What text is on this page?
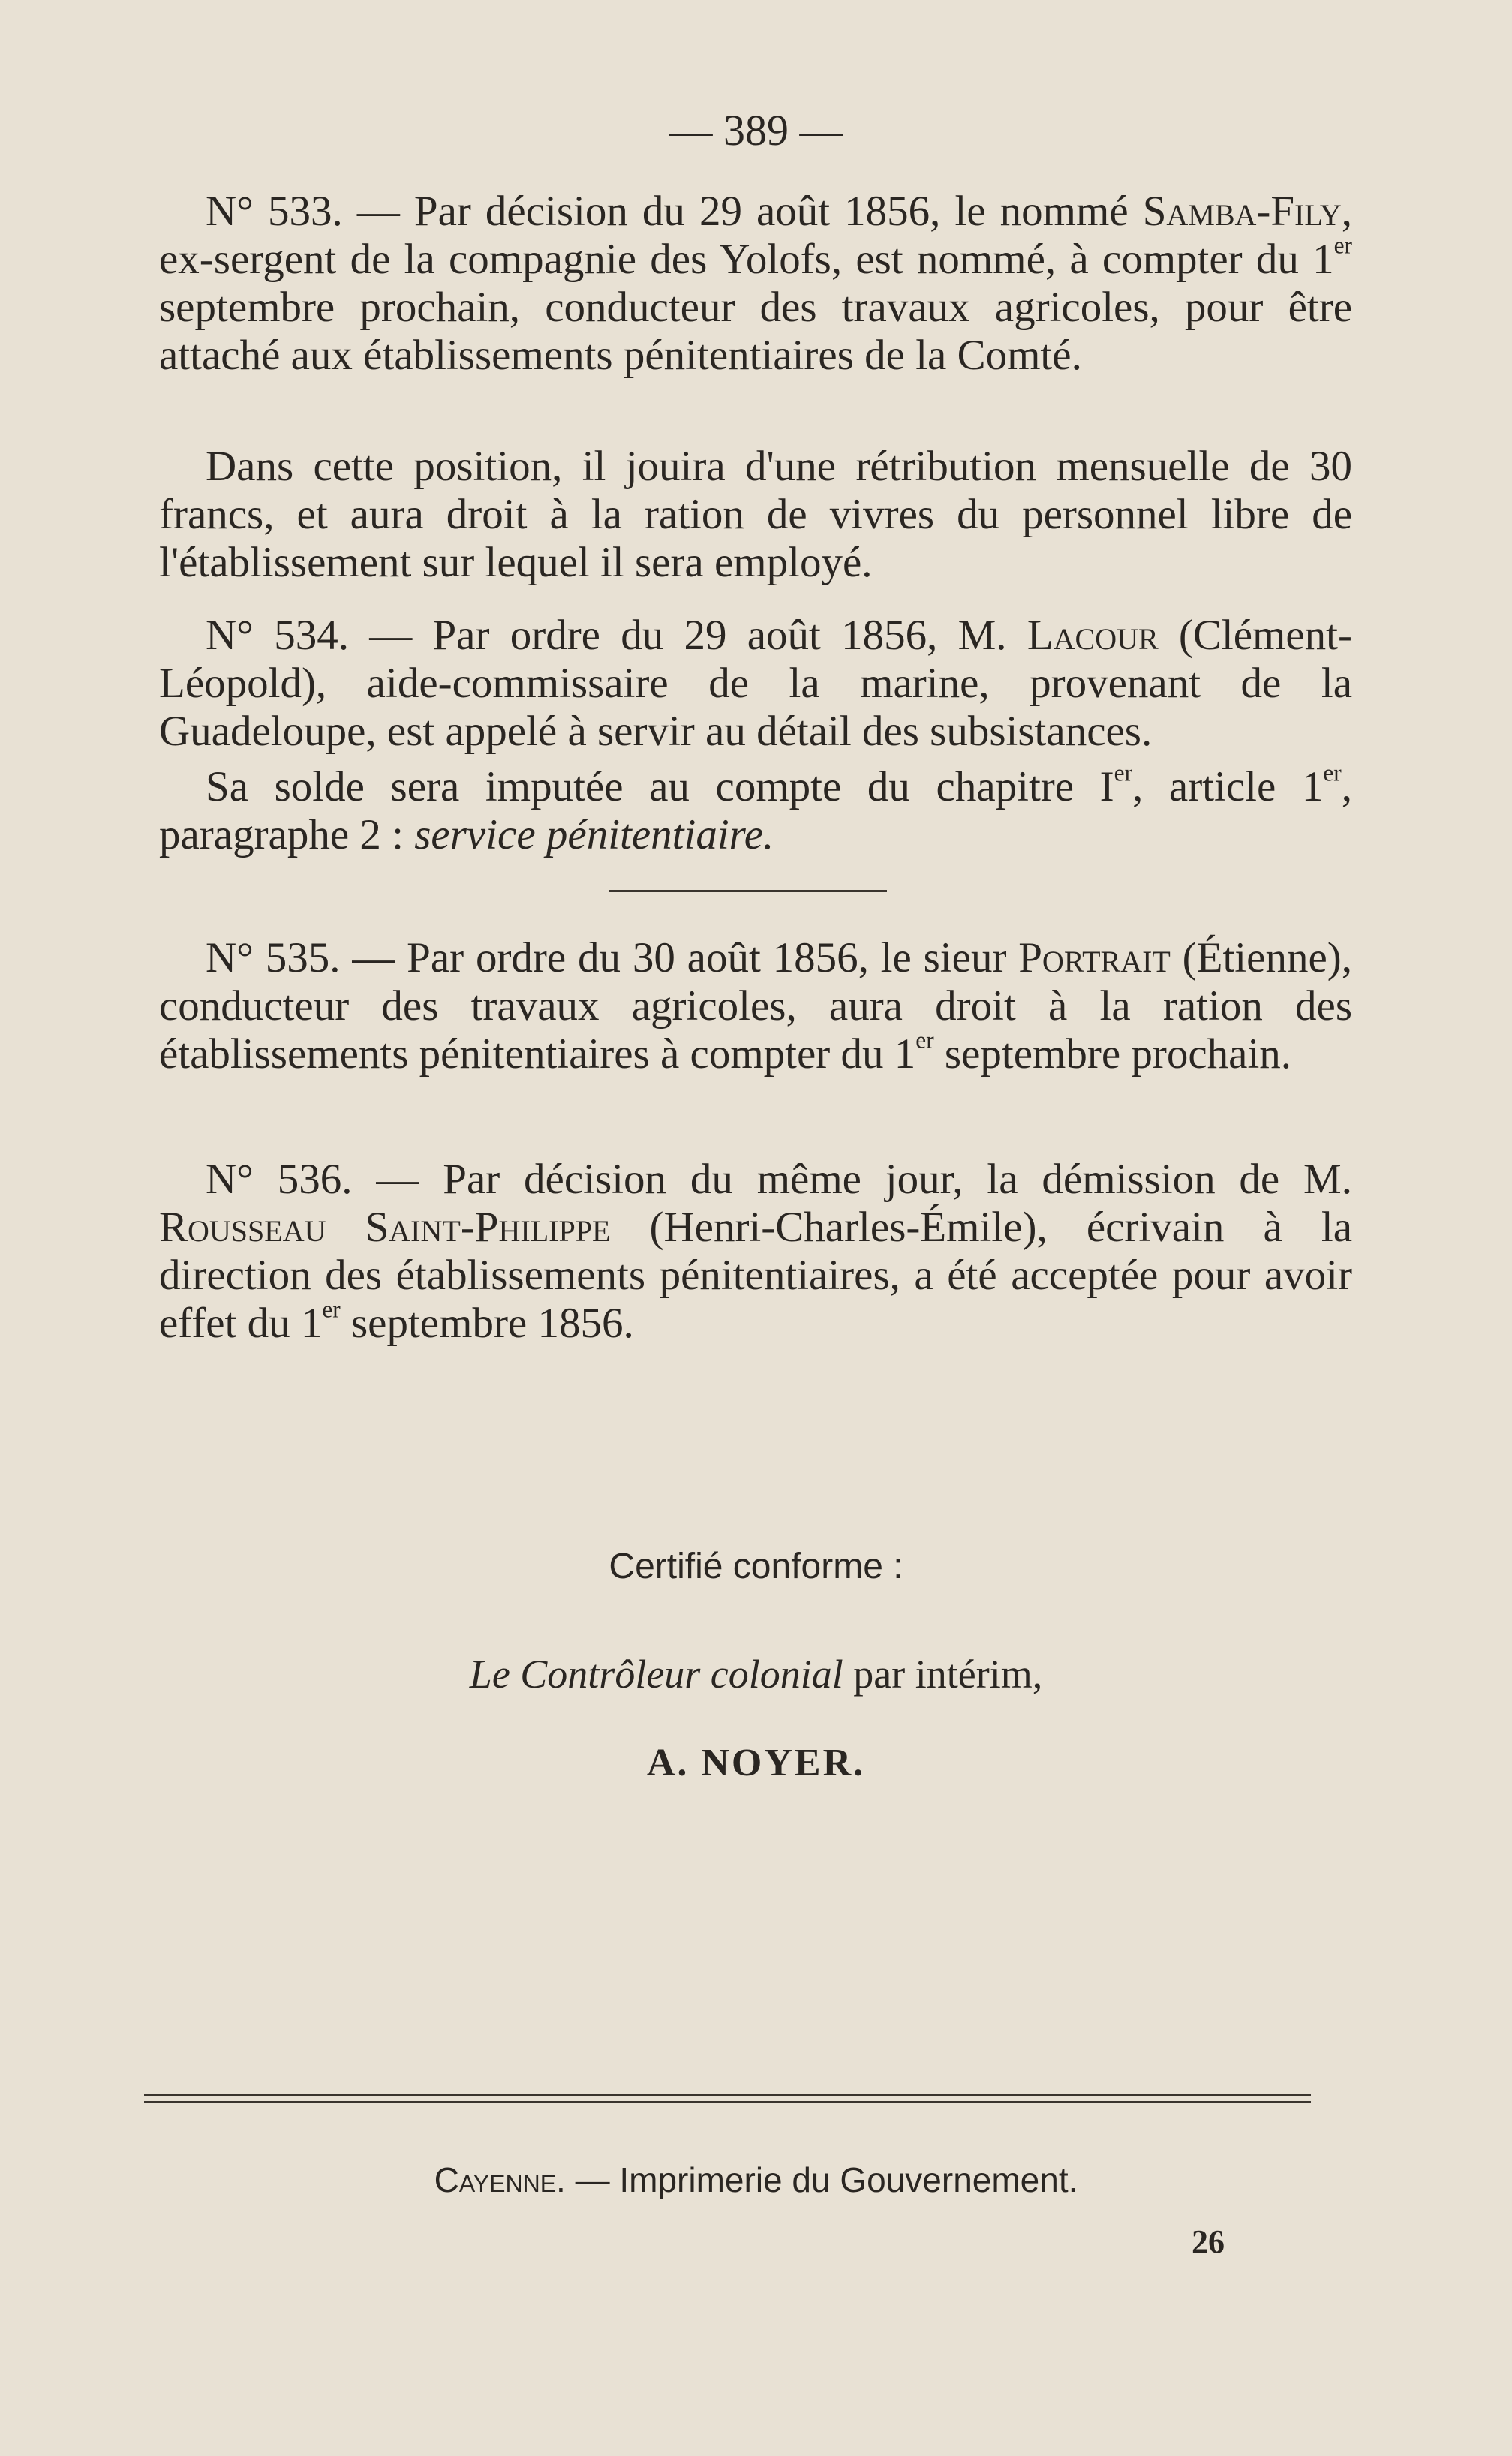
— 389 —

N° 533. — Par décision du 29 août 1856, le nommé Samba-Fily, ex-sergent de la compagnie des Yolofs, est nommé, à compter du 1er septembre prochain, conducteur des travaux agricoles, pour être attaché aux établissements pénitentiaires de la Comté.

Dans cette position, il jouira d'une rétribution mensuelle de 30 francs, et aura droit à la ration de vivres du personnel libre de l'établissement sur lequel il sera employé.

N° 534. — Par ordre du 29 août 1856, M. Lacour (Clément-Léopold), aide-commissaire de la marine, provenant de la Guadeloupe, est appelé à servir au détail des subsistances.

Sa solde sera imputée au compte du chapitre Ier, article 1er, paragraphe 2 : service pénitentiaire.

N° 535. — Par ordre du 30 août 1856, le sieur Portrait (Étienne), conducteur des travaux agricoles, aura droit à la ration des établissements pénitentiaires à compter du 1er septembre prochain.

N° 536. — Par décision du même jour, la démission de M. Rousseau Saint-Philippe (Henri-Charles-Émile), écrivain à la direction des établissements pénitentiaires, a été acceptée pour avoir effet du 1er septembre 1856.

Certifié conforme :
Le Contrôleur colonial par intérim,
A. NOYER.
Cayenne. — Imprimerie du Gouvernement.
26
